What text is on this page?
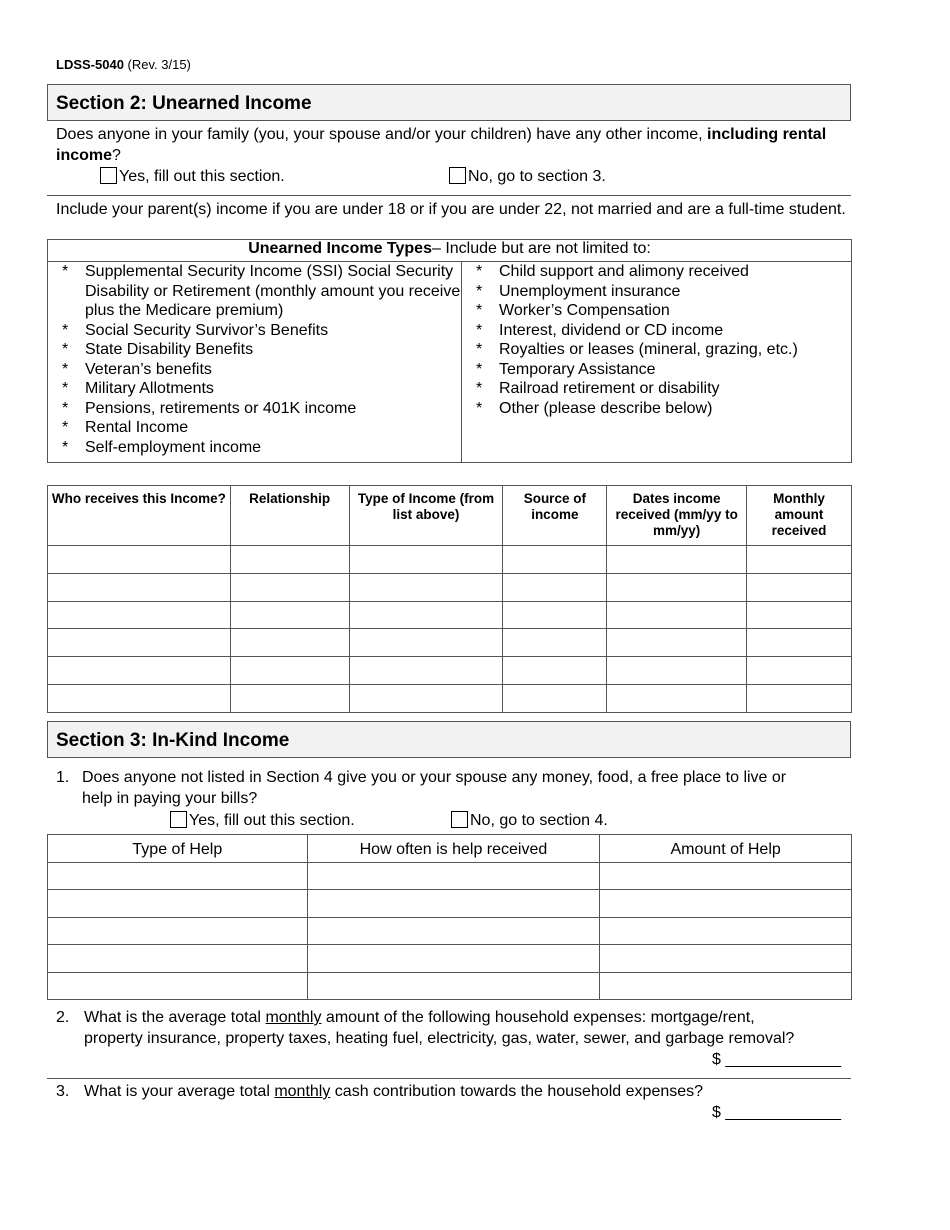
LDSS-5040 (Rev. 3/15)
Section 2: Unearned Income
Does anyone in your family (you, your spouse and/or your children) have any other income, including rental income?
Yes, fill out this section.	No, go to section 3.
Include your parent(s) income if you are under 18 or if you are under 22, not married and are a full-time student.
Unearned Income Types– Include but are not limited to:

* Supplemental Security Income (SSI) Social Security Disability or Retirement (monthly amount you receive plus the Medicare premium)
* Social Security Survivor’s Benefits
* State Disability Benefits
* Veteran’s benefits
* Military Allotments
* Pensions, retirements or 401K income
* Rental Income
* Self-employment income

* Child support and alimony received
* Unemployment insurance
* Worker’s Compensation
* Interest, dividend or CD income
* Royalties or leases (mineral, grazing, etc.)
* Temporary Assistance
* Railroad retirement or disability
* Other (please describe below)
Who receives this Income?	Relationship	Type of Income (from list above)	Source of income	Dates income received (mm/yy to mm/yy)	Monthly amount received

Section 3: In-Kind Income
1. Does anyone not listed in Section 4 give you or your spouse any money, food, a free place to live or help in paying your bills?
Yes, fill out this section.	No, go to section 4.
Type of Help	How often is help received	Amount of Help

2. What is the average total monthly amount of the following household expenses: mortgage/rent, property insurance, property taxes, heating fuel, electricity, gas, water, sewer, and garbage removal?
$ _____________
3. What is your average total monthly cash contribution towards the household expenses?
$ _____________
